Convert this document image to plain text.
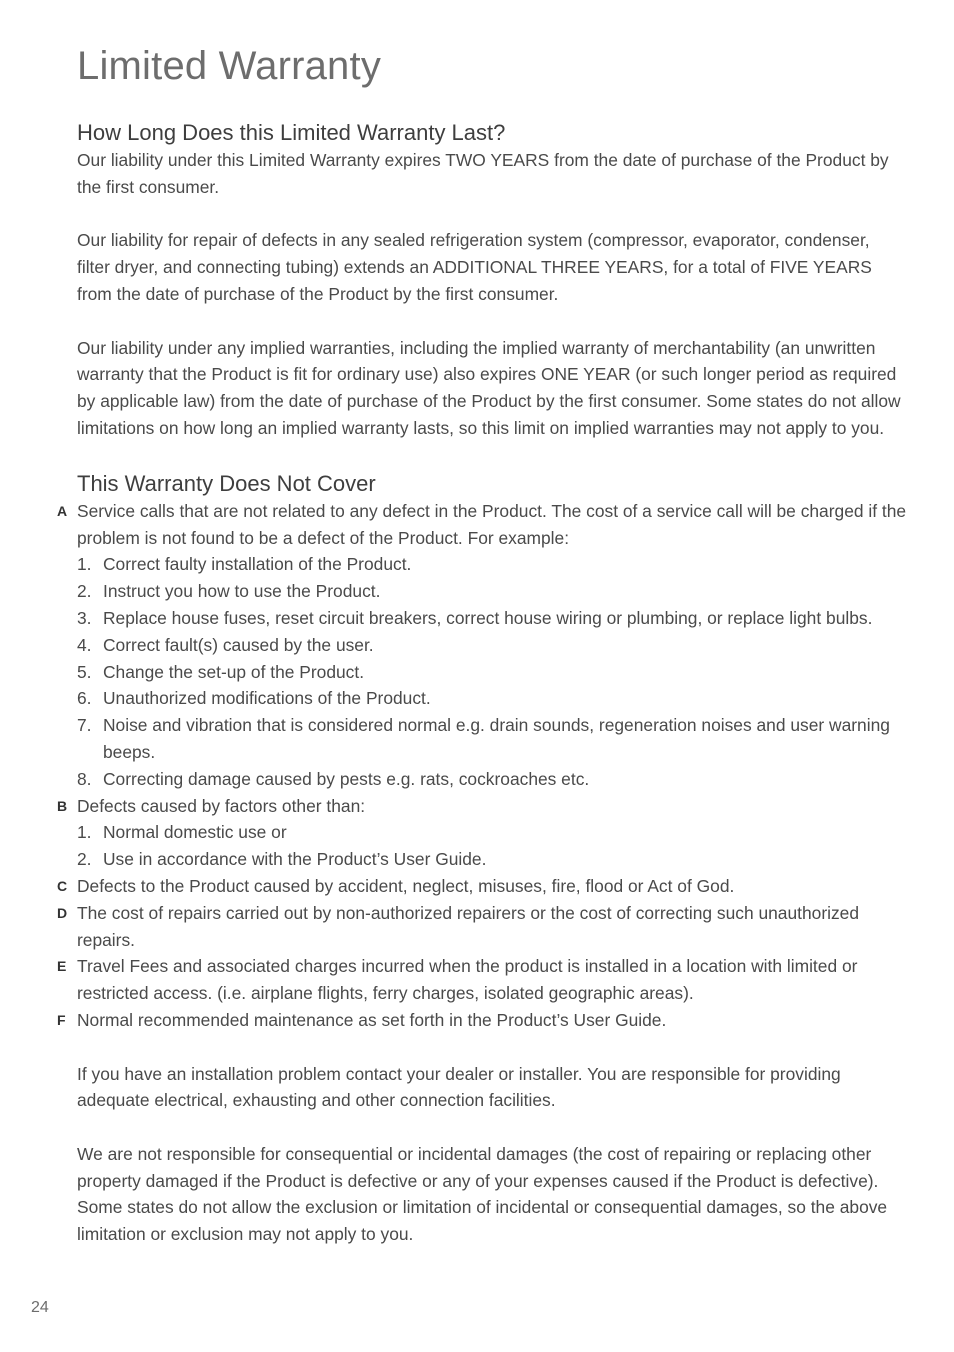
Limited Warranty
How Long Does this Limited Warranty Last?

Our liability under this Limited Warranty expires TWO YEARS from the date of purchase of the Product by the first consumer.

Our liability for repair of defects in any sealed refrigeration system (compressor, evaporator, condenser, filter dryer, and connecting tubing) extends an ADDITIONAL THREE YEARS, for a total of FIVE YEARS from the date of purchase of the Product by the first consumer.

Our liability under any implied warranties, including the implied warranty of merchantability (an unwritten warranty that the Product is fit for ordinary use) also expires ONE YEAR (or such longer period as required by applicable law) from the date of purchase of the Product by the first consumer. Some states do not allow limitations on how long an implied warranty lasts, so this limit on implied warranties may not apply to you.

This Warranty Does Not Cover
A Service calls that are not related to any defect in the Product. The cost of a service call will be charged if the problem is not found to be a defect of the Product. For example:

1. Correct faulty installation of the Product.

2. Instruct you how to use the Product.

3. Replace house fuses, reset circuit breakers, correct house wiring or plumbing, or replace light bulbs.

4. Correct fault(s) caused by the user.

5. Change the set-up of the Product.

6. Unauthorized modifications of the Product.

7. Noise and vibration that is considered normal e.g. drain sounds, regeneration noises and user warning beeps.

8. Correcting damage caused by pests e.g. rats, cockroaches etc.

B Defects caused by factors other than:

1. Normal domestic use or

2. Use in accordance with the Product’s User Guide.

C Defects to the Product caused by accident, neglect, misuses, fire, flood or Act of God.

D The cost of repairs carried out by non-authorized repairers or the cost of correcting such unauthorized repairs.

E Travel Fees and associated charges incurred when the product is installed in a location with limited or restricted access. (i.e. airplane flights, ferry charges, isolated geographic areas).

F Normal recommended maintenance as set forth in the Product’s User Guide.

If you have an installation problem contact your dealer or installer. You are responsible for providing adequate electrical, exhausting and other connection facilities.

We are not responsible for consequential or incidental damages (the cost of repairing or replacing other property damaged if the Product is defective or any of your expenses caused if the Product is defective). Some states do not allow the exclusion or limitation of incidental or consequential damages, so the above limitation or exclusion may not apply to you.

24
